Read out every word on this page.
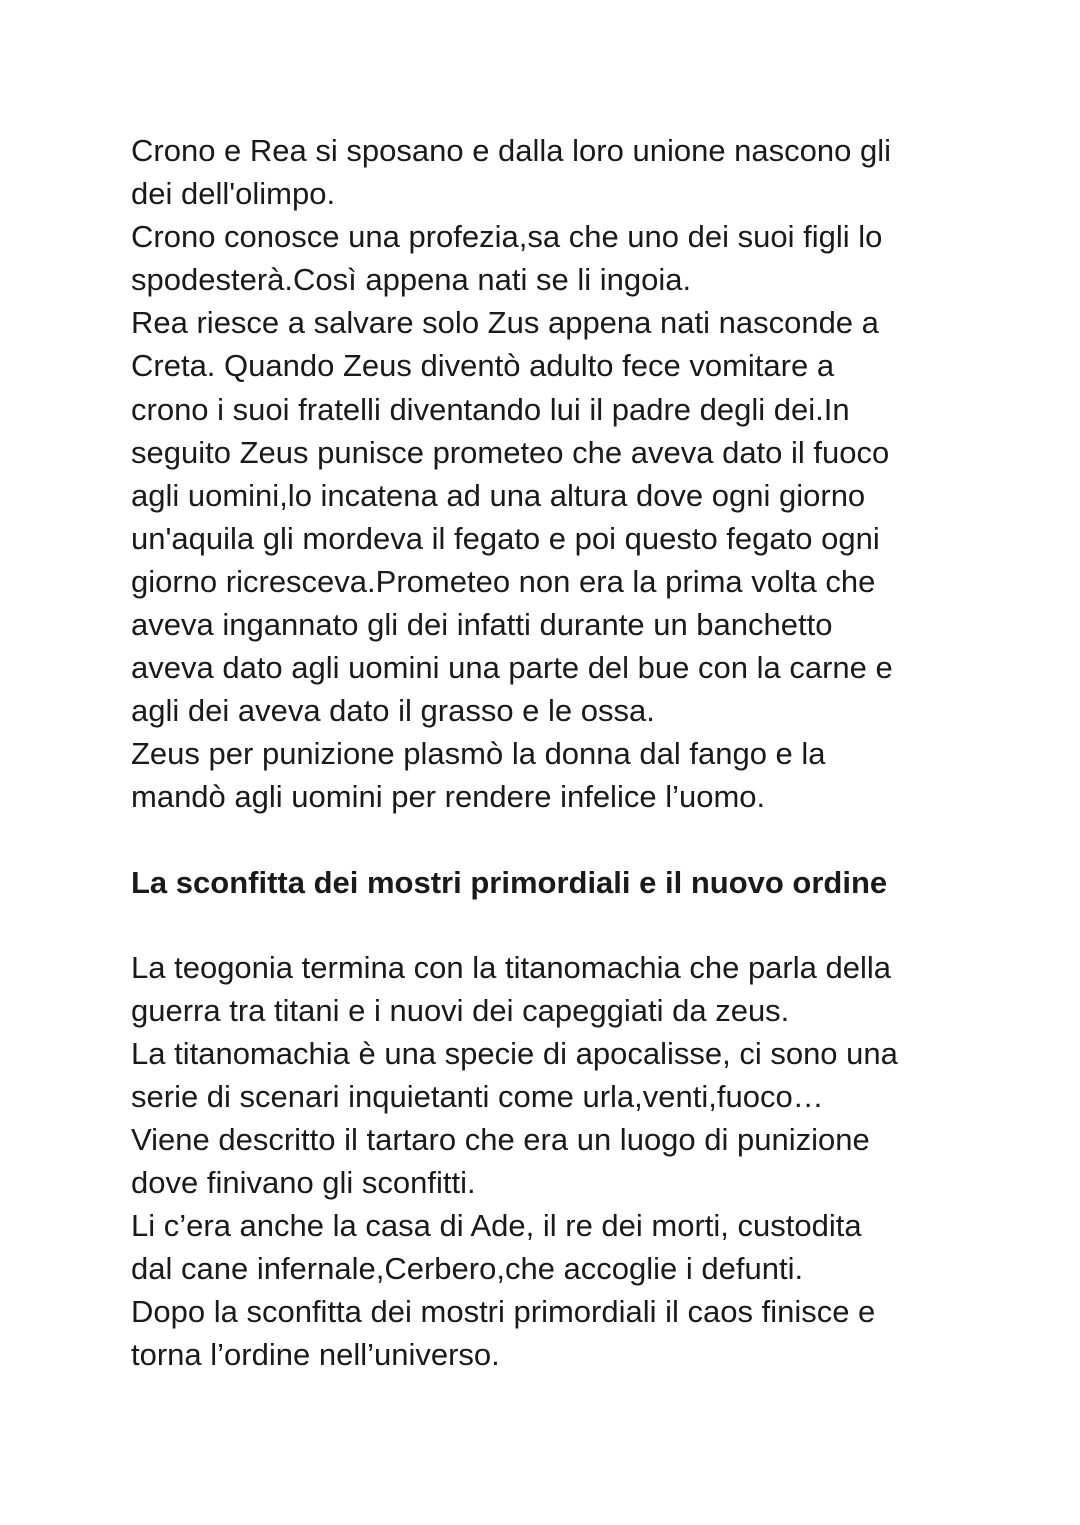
Crono e Rea si sposano e dalla loro unione nascono gli
dei dell'olimpo.
Crono conosce una profezia,sa che uno dei suoi figli lo
spodesterà.Così appena nati se li ingoia.
Rea riesce a salvare solo Zus appena nati nasconde a
Creta. Quando Zeus diventò adulto fece vomitare a
crono i suoi fratelli diventando lui il padre degli dei.In
seguito Zeus punisce prometeo che aveva dato il fuoco
agli uomini,lo incatena ad una altura dove ogni giorno
un'aquila gli mordeva il fegato e poi questo fegato ogni
giorno ricresceva.Prometeo non era la prima volta che
aveva ingannato gli dei infatti durante un banchetto
aveva dato agli uomini una parte del bue con la carne e
agli dei aveva dato il grasso e le ossa.
Zeus per punizione plasmò la donna dal fango e la
mandò agli uomini per rendere infelice l’uomo.
La sconfitta dei mostri primordiali e il nuovo ordine
La teogonia termina con la titanomachia che parla della
guerra tra titani e i nuovi dei capeggiati da zeus.
La titanomachia è una specie di apocalisse, ci sono una
serie di scenari inquietanti come urla,venti,fuoco…
Viene descritto il tartaro che era un luogo di punizione
dove finivano gli sconfitti.
Li c’era anche la casa di Ade, il re dei morti, custodita
dal cane infernale,Cerbero,che accoglie i defunti.
Dopo la sconfitta dei mostri primordiali il caos finisce e
torna l’ordine nell’universo.
